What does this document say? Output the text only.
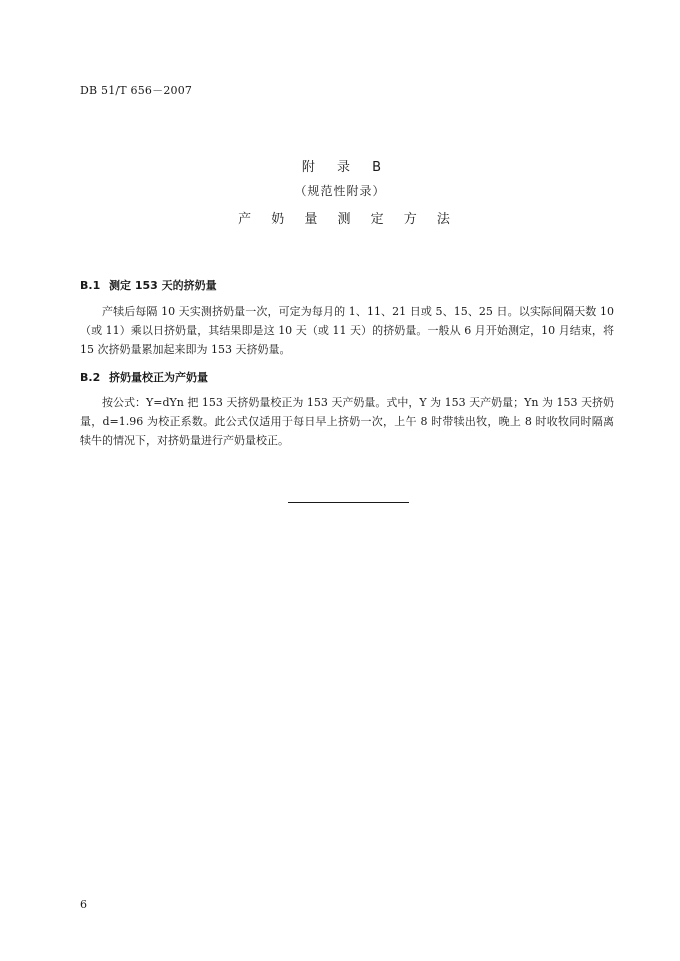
DB 51/T 656－2007
附 录 B
（规范性附录）
产 奶 量 测 定 方 法
B.1 测定 153 天的挤奶量
产犊后每隔 10 天实测挤奶量一次，可定为每月的 1、11、21 日或 5、15、25 日。以实际间隔天数 10（或 11）乘以日挤奶量，其结果即是这 10 天（或 11 天）的挤奶量。一般从 6 月开始测定，10 月结束，将 15 次挤奶量累加起来即为 153 天挤奶量。
B.2 挤奶量校正为产奶量
按公式：Y=dYn 把 153 天挤奶量校正为 153 天产奶量。式中，Y 为 153 天产奶量；Yn 为 153 天挤奶量，d=1.96 为校正系数。此公式仅适用于每日早上挤奶一次，上午 8 时带犊出牧，晚上 8 时收牧同时隔离犊牛的情况下，对挤奶量进行产奶量校正。
6
